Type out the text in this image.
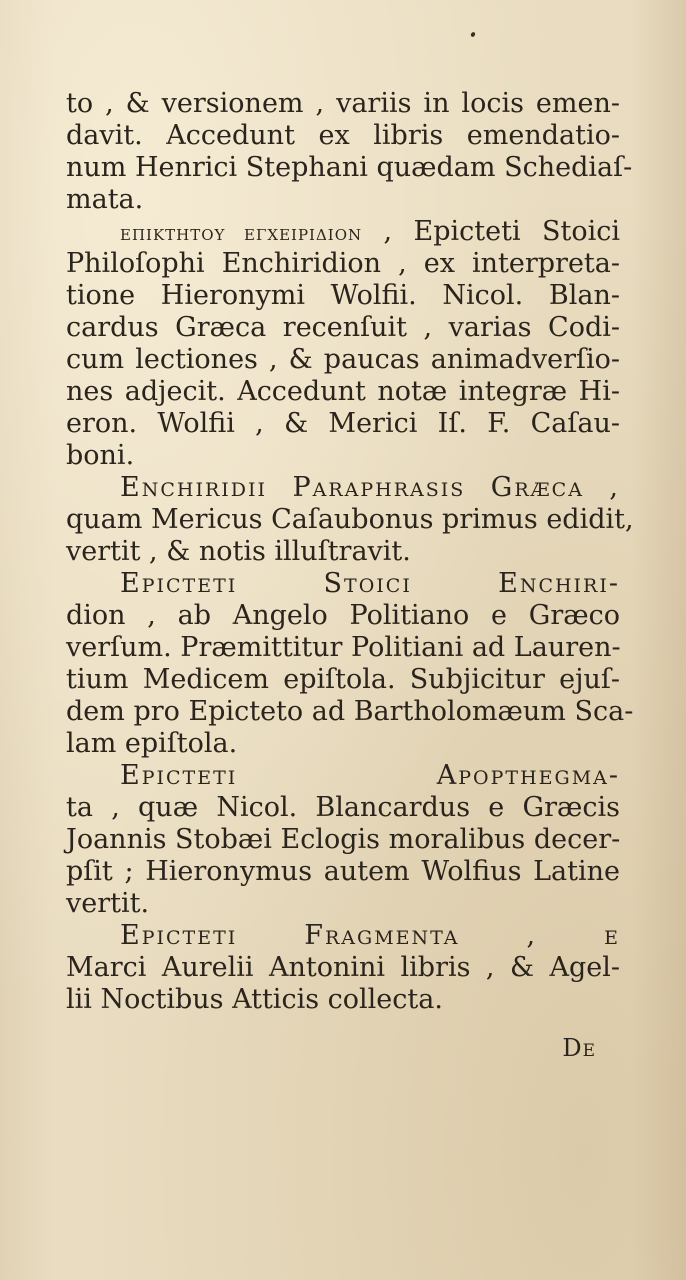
to , & versionem , variis in locis emen-
davit. Accedunt ex libris emendatio-
num Henrici Stephani quædam Schediaſ-
mata.
ΕΠΙΚΤΗΤΟΥ ΕΓΧΕΙΡΙΔΙΟΝ , Epicteti Stoici
Philoſophi Enchiridion , ex interpreta-
tione Hieronymi Wolfii. Nicol. Blan-
cardus Græca recenſuit , varias Codi-
cum lectiones , & paucas animadverſio-
nes adjecit. Accedunt notæ integræ Hi-
eron. Wolfii , & Merici Iſ. F. Caſau-
boni.
Enchiridii Paraphraſis Græca ,
quam Mericus Caſaubonus primus edidit,
vertit , & notis illuſtravit.
Epicteti Stoici Enchiri-
dion , ab Angelo Politiano e Græco
verſum. Præmittitur Politiani ad Lauren-
tium Medicem epiſtola. Subjicitur ejuſ-
dem pro Epicteto ad Bartholomæum Sca-
lam epiſtola.
Epicteti Apopthegma-
ta , quæ Nicol. Blancardus e Græcis
Joannis Stobæi Eclogis moralibus decer-
pſit ; Hieronymus autem Wolfius Latine
vertit.
Epicteti Fragmenta , e
Marci Aurelii Antonini libris , & Agel-
lii Noctibus Atticis collecta.
De
